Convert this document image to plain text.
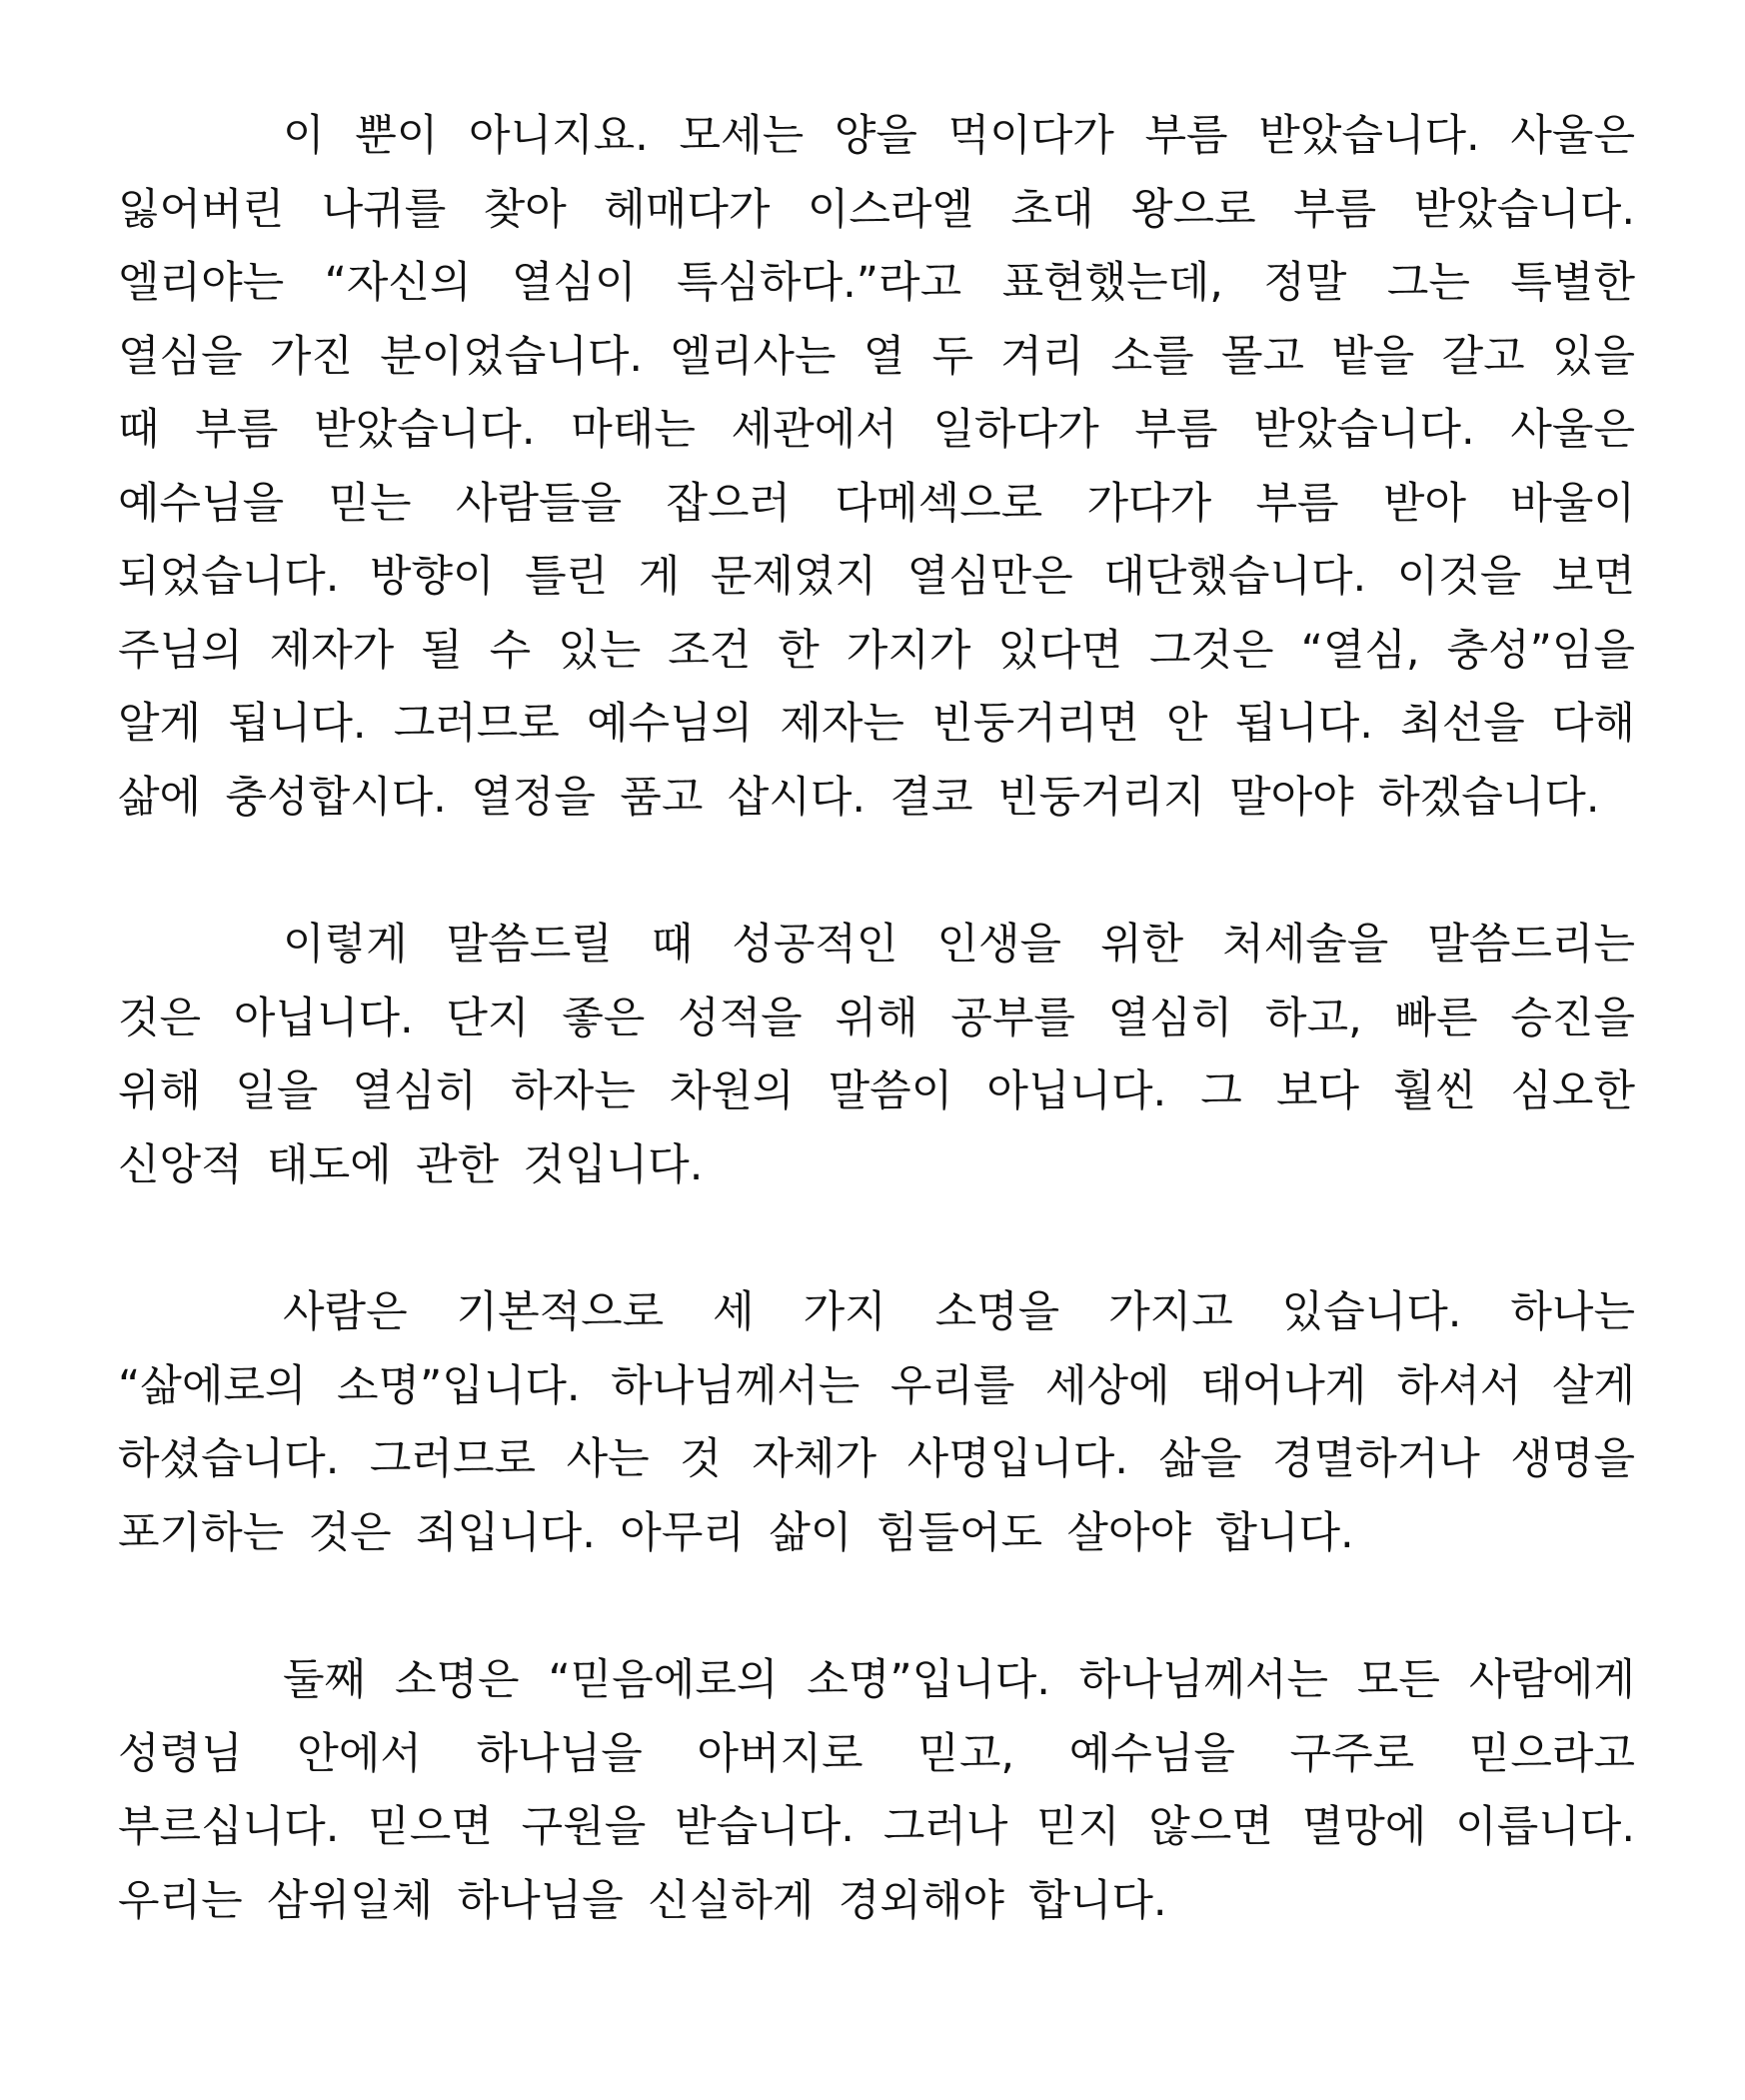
이 뿐이 아니지요. 모세는 양을 먹이다가 부름 받았습니다. 사울은 잃어버린 나귀를 찾아 헤매다가 이스라엘 초대 왕으로 부름 받았습니다. 엘리야는 “자신의 열심이 특심하다.”라고 표현했는데, 정말 그는 특별한 열심을 가진 분이었습니다. 엘리사는 열 두 겨리 소를 몰고 밭을 갈고 있을 때 부름 받았습니다. 마태는 세관에서 일하다가 부름 받았습니다. 사울은 예수님을 믿는 사람들을 잡으러 다메섹으로 가다가 부름 받아 바울이 되었습니다. 방향이 틀린 게 문제였지 열심만은 대단했습니다. 이것을 보면 주님의 제자가 될 수 있는 조건 한 가지가 있다면 그것은 “열심, 충성”임을 알게 됩니다. 그러므로 예수님의 제자는 빈둥거리면 안 됩니다. 최선을 다해 삶에 충성합시다. 열정을 품고 삽시다. 결코 빈둥거리지 말아야 하겠습니다.

이렇게 말씀드릴 때 성공적인 인생을 위한 처세술을 말씀드리는 것은 아닙니다. 단지 좋은 성적을 위해 공부를 열심히 하고, 빠른 승진을 위해 일을 열심히 하자는 차원의 말씀이 아닙니다. 그 보다 훨씬 심오한 신앙적 태도에 관한 것입니다.

사람은 기본적으로 세 가지 소명을 가지고 있습니다. 하나는 “삶에로의 소명”입니다. 하나님께서는 우리를 세상에 태어나게 하셔서 살게 하셨습니다. 그러므로 사는 것 자체가 사명입니다. 삶을 경멸하거나 생명을 포기하는 것은 죄입니다. 아무리 삶이 힘들어도 살아야 합니다.

둘째 소명은 “믿음에로의 소명”입니다. 하나님께서는 모든 사람에게 성령님 안에서 하나님을 아버지로 믿고, 예수님을 구주로 믿으라고 부르십니다. 믿으면 구원을 받습니다. 그러나 믿지 않으면 멸망에 이릅니다. 우리는 삼위일체 하나님을 신실하게 경외해야 합니다.
